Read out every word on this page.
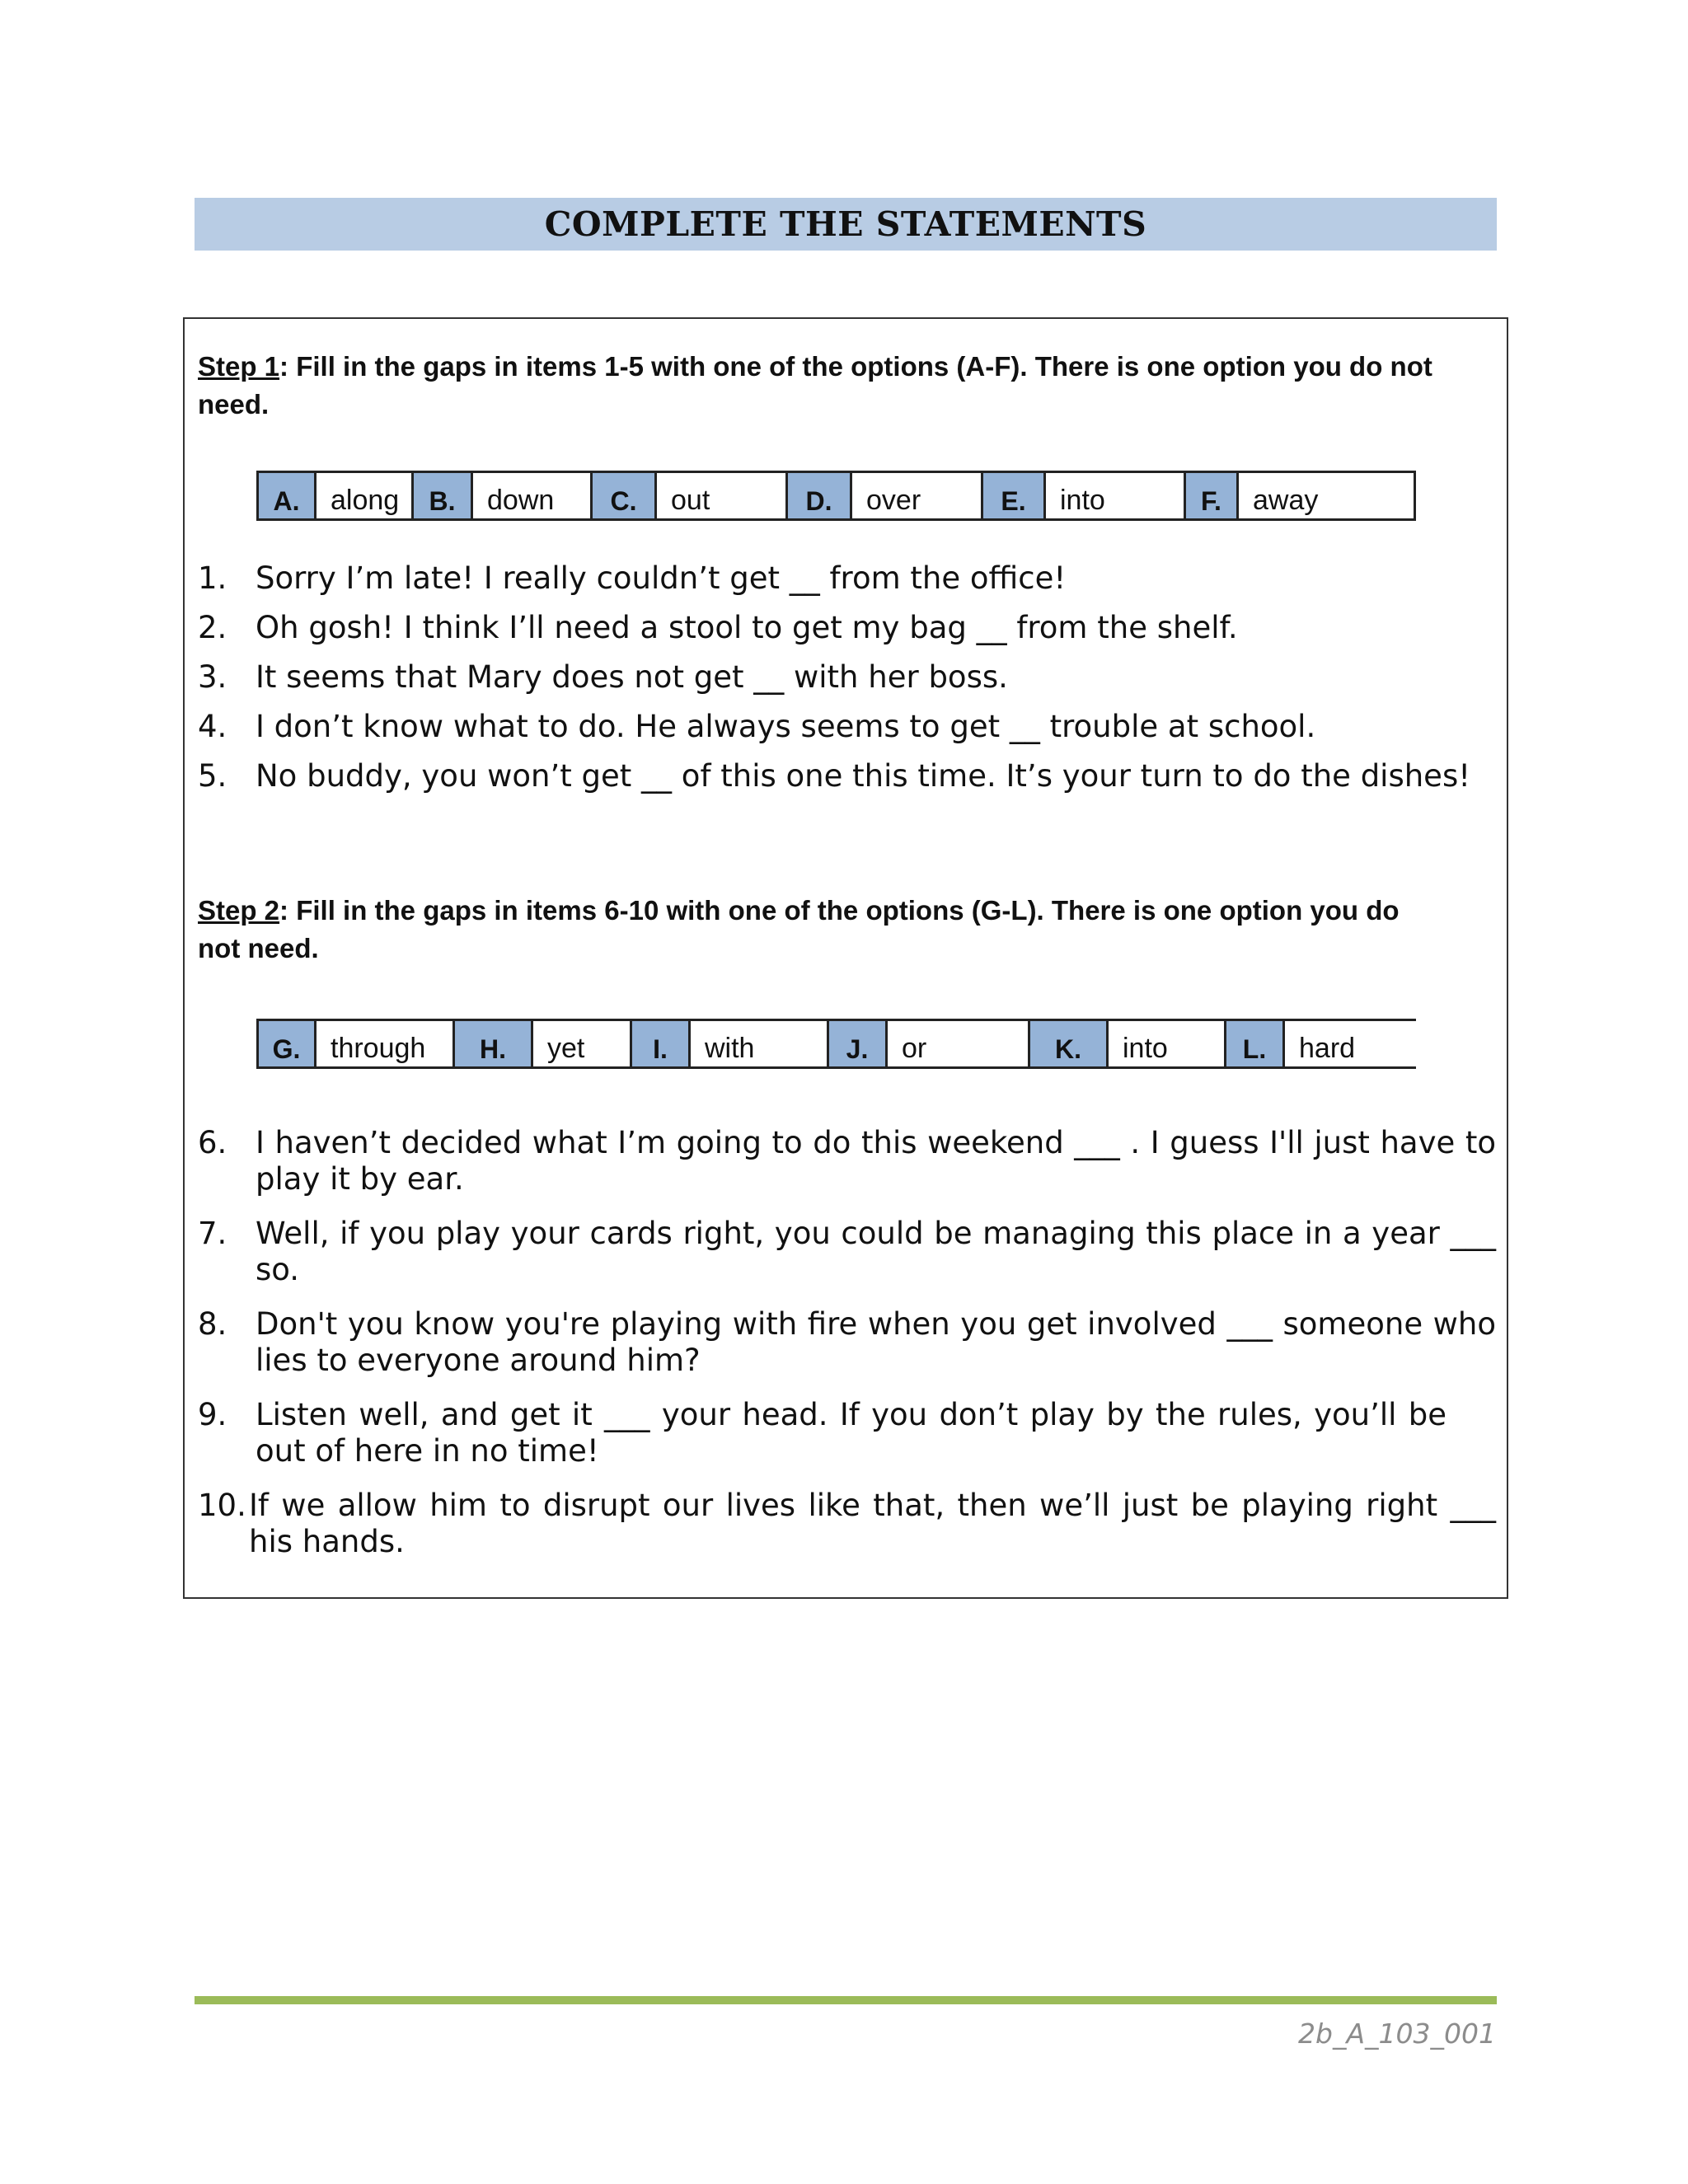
COMPLETE THE STATEMENTS
Step 1: Fill in the gaps in items 1-5 with one of the options (A-F). There is one option you do not need.
A.	along	B.	down	C.	out	D.	over	E.	into	F.	away
1. Sorry I’m late! I really couldn’t get __ from the office!
2. Oh gosh! I think I’ll need a stool to get my bag __ from the shelf.
3. It seems that Mary does not get __ with her boss.
4. I don’t know what to do. He always seems to get __ trouble at school.
5. No buddy, you won’t get __ of this one this time. It’s your turn to do the dishes!
Step 2: Fill in the gaps in items 6-10 with one of the options (G-L). There is one option you do not need.
G.	through	H.	yet	I.	with	J.	or	K.	into	L.	hard
6. I haven’t decided what I’m going to do this weekend ___ . I guess I'll just have to play it by ear.
7. Well, if you play your cards right, you could be managing this place in a year ___ so.
8. Don't you know you're playing with fire when you get involved ___ someone who lies to everyone around him?
9. Listen well, and get it ___ your head. If you don’t play by the rules, you’ll be out of here in no time!
10. If we allow him to disrupt our lives like that, then we’ll just be playing right ___ his hands.
2b_A_103_001
